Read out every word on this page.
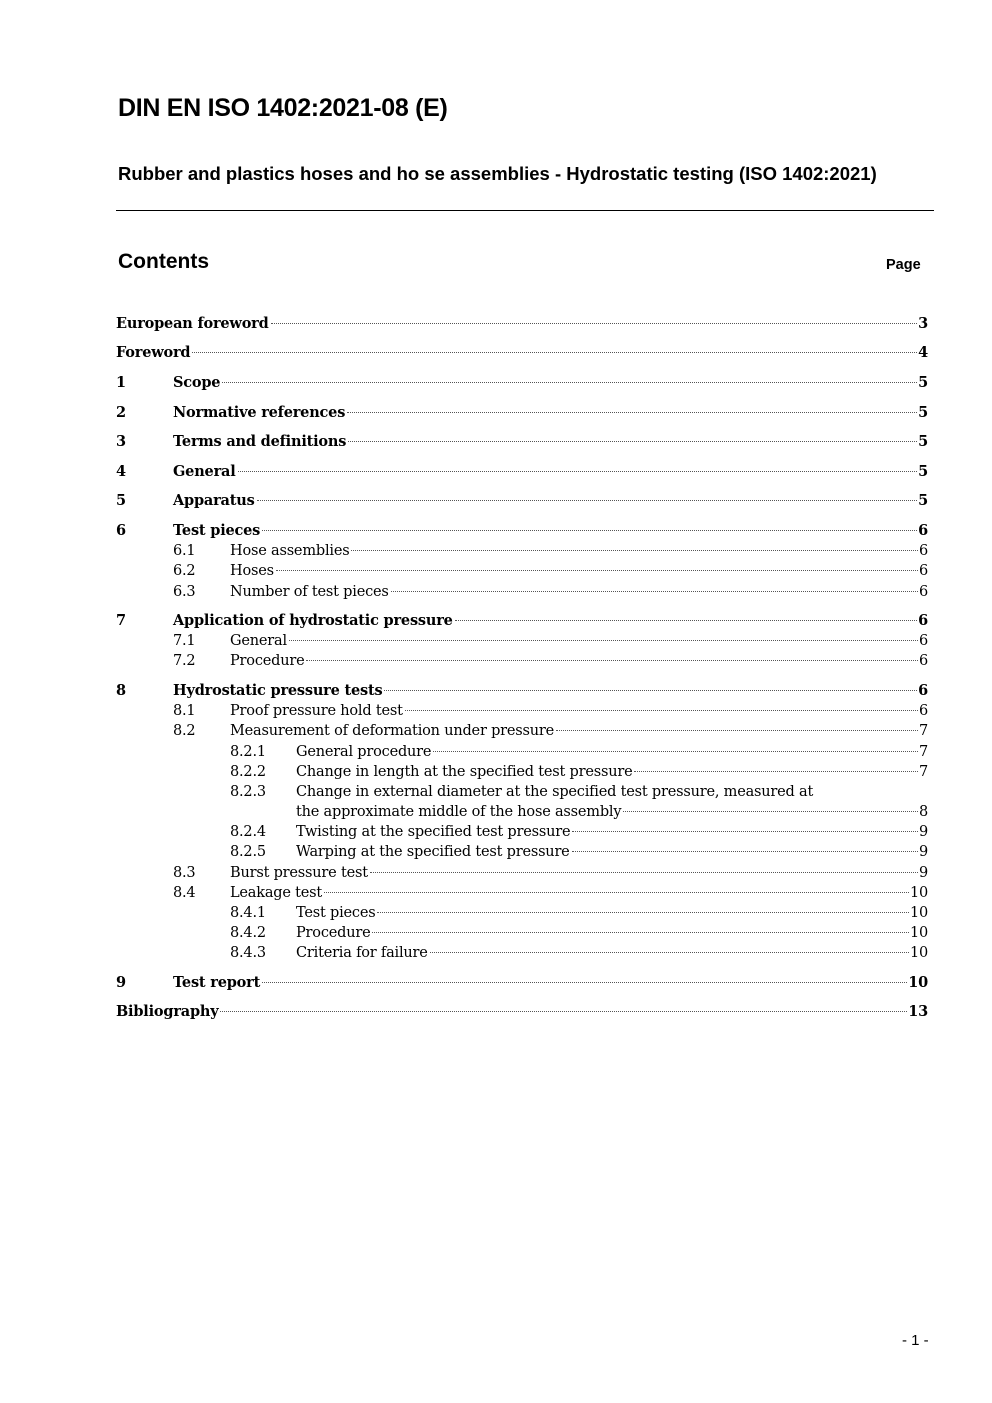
DIN EN ISO 1402:2021-08 (E)
Rubber and plastics hoses and ho se assemblies - Hydrostatic testing (ISO 1402:2021)
Contents	Page
European foreword	3
Foreword	4
1	Scope	5
2	Normative references	5
3	Terms and definitions	5
4	General	5
5	Apparatus	5
6	Test pieces	6
6.1 Hose assemblies	6
6.2 Hoses	6
6.3 Number of test pieces	6
7	Application of hydrostatic pressure	6
7.1 General	6
7.2 Procedure	6
8	Hydrostatic pressure tests	6
8.1 Proof pressure hold test	6
8.2 Measurement of deformation under pressure	7
8.2.1 General procedure	7
8.2.2 Change in length at the specified test pressure	7
8.2.3 Change in external diameter at the specified test pressure, measured at
the approximate middle of the hose assembly	8
8.2.4 Twisting at the specified test pressure	9
8.2.5 Warping at the specified test pressure	9
8.3 Burst pressure test	9
8.4 Leakage test	10
8.4.1 Test pieces	10
8.4.2 Procedure	10
8.4.3 Criteria for failure	10
9	Test report	10
Bibliography	13
- 1 -
